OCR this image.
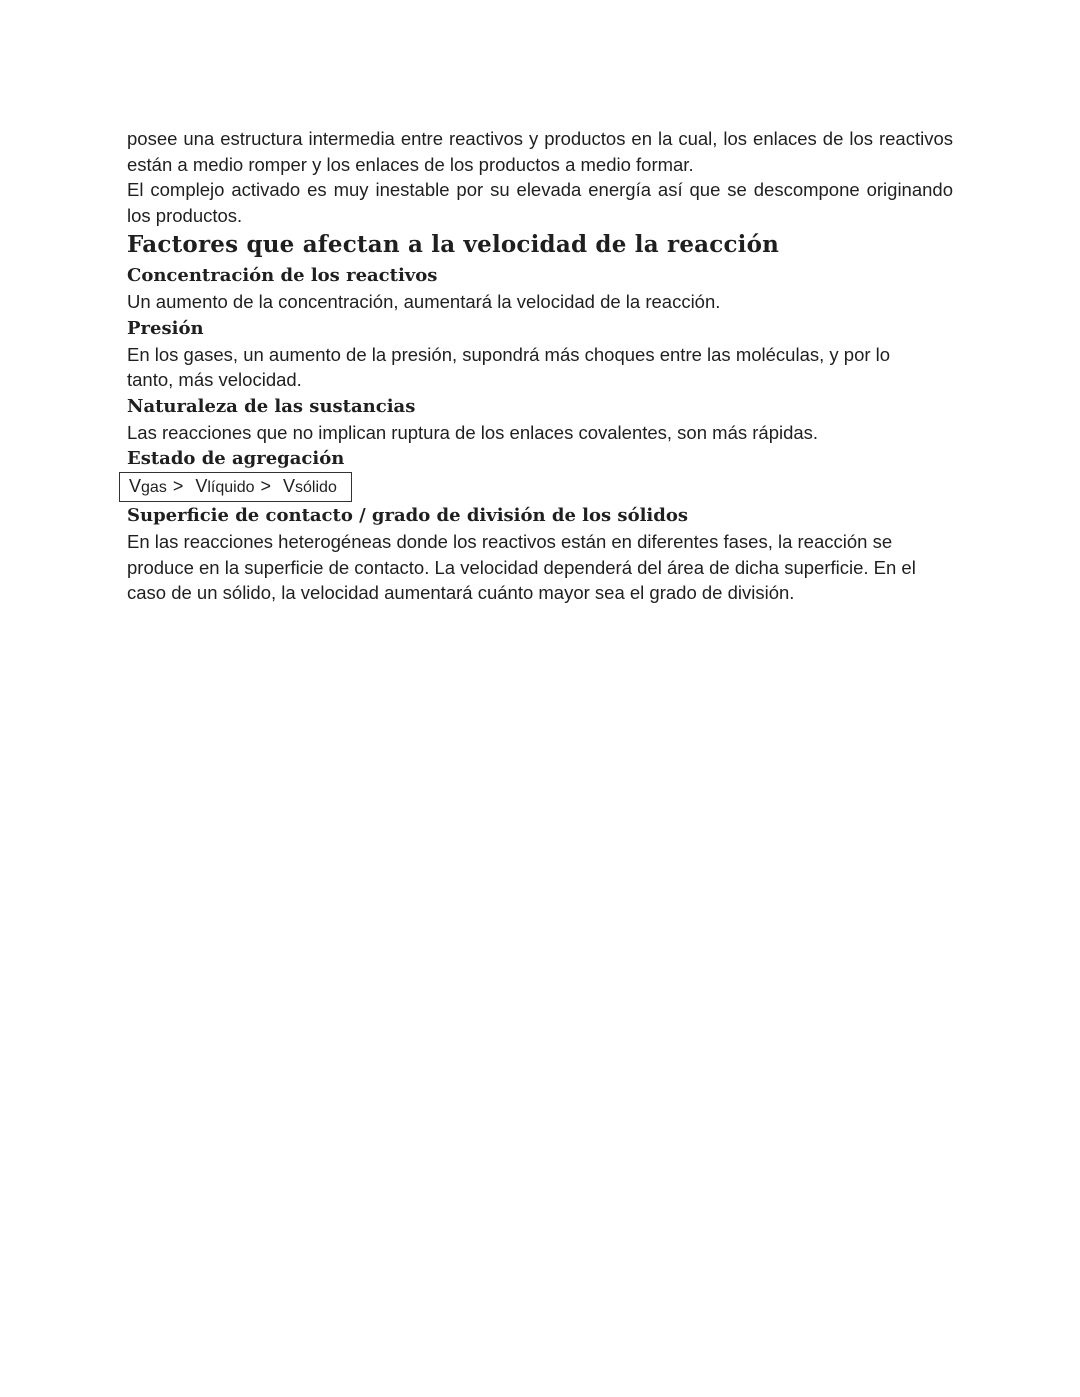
posee una estructura intermedia entre reactivos y productos en la cual, los enlaces de los reactivos están a medio romper y los enlaces de los productos a medio formar.

El complejo activado es muy inestable por su elevada energía así que se descompone originando los productos.

Factores que afectan a la velocidad de la reacción
Concentración de los reactivos

Un aumento de la concentración, aumentará la velocidad de la reacción.

Presión

En los gases, un aumento de la presión, supondrá más choques entre las moléculas, y por lo tanto, más velocidad.

Naturaleza de las sustancias

Las reacciones que no implican ruptura de los enlaces covalentes, son más rápidas.

Estado de agregación
Vgas > Vlíquido > Vsólido
Superficie de contacto / grado de división de los sólidos

En las reacciones heterogéneas donde los reactivos están en diferentes fases, la reacción se produce en la superficie de contacto. La velocidad dependerá del área de dicha superficie. En el caso de un sólido, la velocidad aumentará cuánto mayor sea el grado de división.
